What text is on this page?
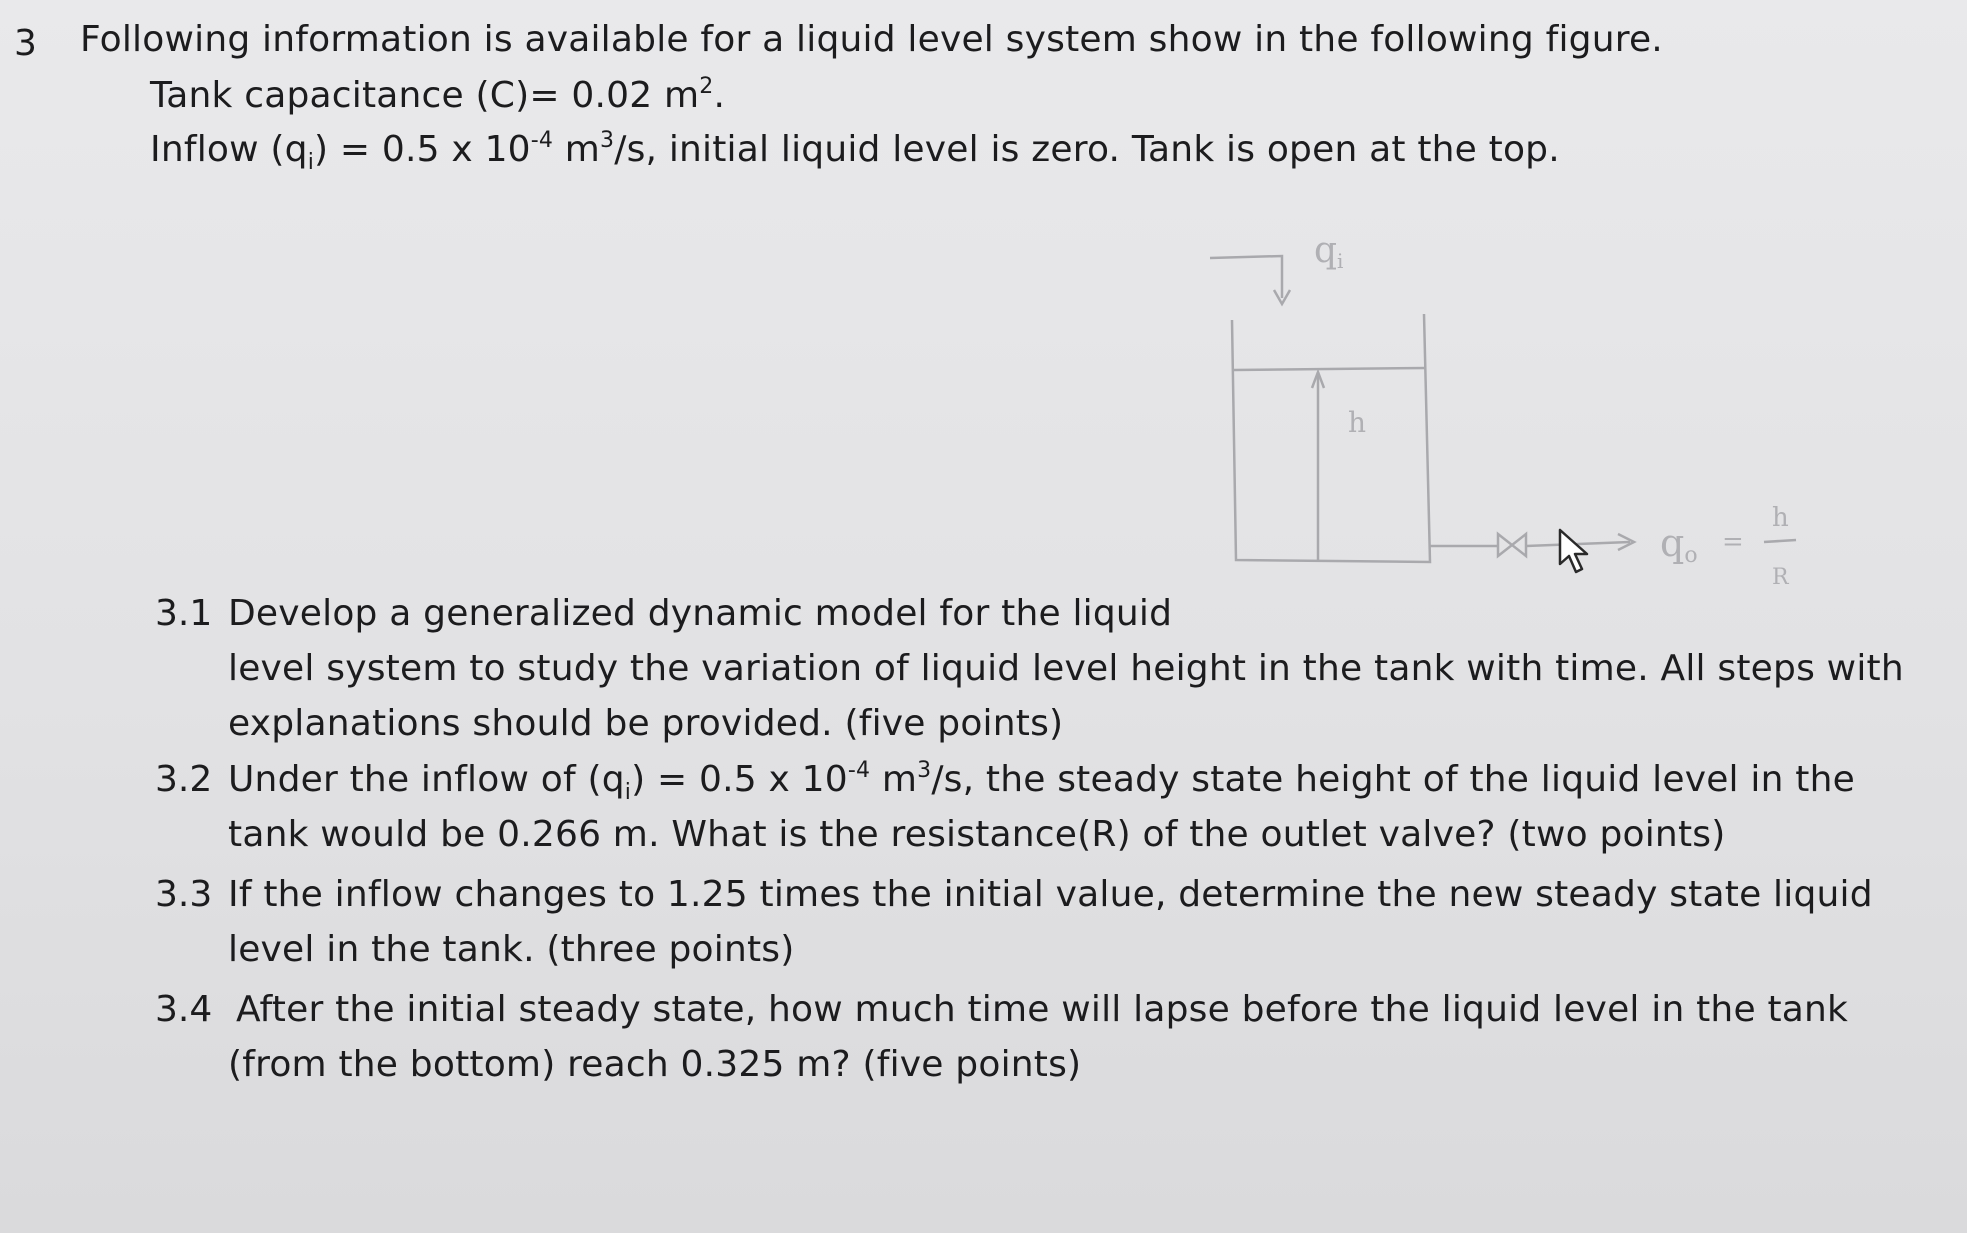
3 Following information is available for a liquid level system show in the following figure.
Tank capacitance (C)= 0.02 $m^2$.
Inflow $(q_i) = 0.5$ x $10^{-4}$ $m^3/s$, initial liquid level is zero. Tank is open at the top.
qi
h
qo =
h
R
3.1 Develop a generalized dynamic model for the liquid
level system to study the variation of liquid level height in the tank with time. All steps with
explanations should be provided. (five points)
3.2 Under the inflow of $(q_i) = 0.5$ x $10^{-4}$ $m^3/s$, the steady state height of the liquid level in the
tank would be 0.266 m. What is the resistance(R) of the outlet valve? (two points)
3.3 If the inflow changes to 1.25 times the initial value, determine the new steady state liquid
level in the tank. (three points)
3.4 After the initial steady state, how much time will lapse before the liquid level in the tank
(from the bottom) reach 0.325 m? (five points)
